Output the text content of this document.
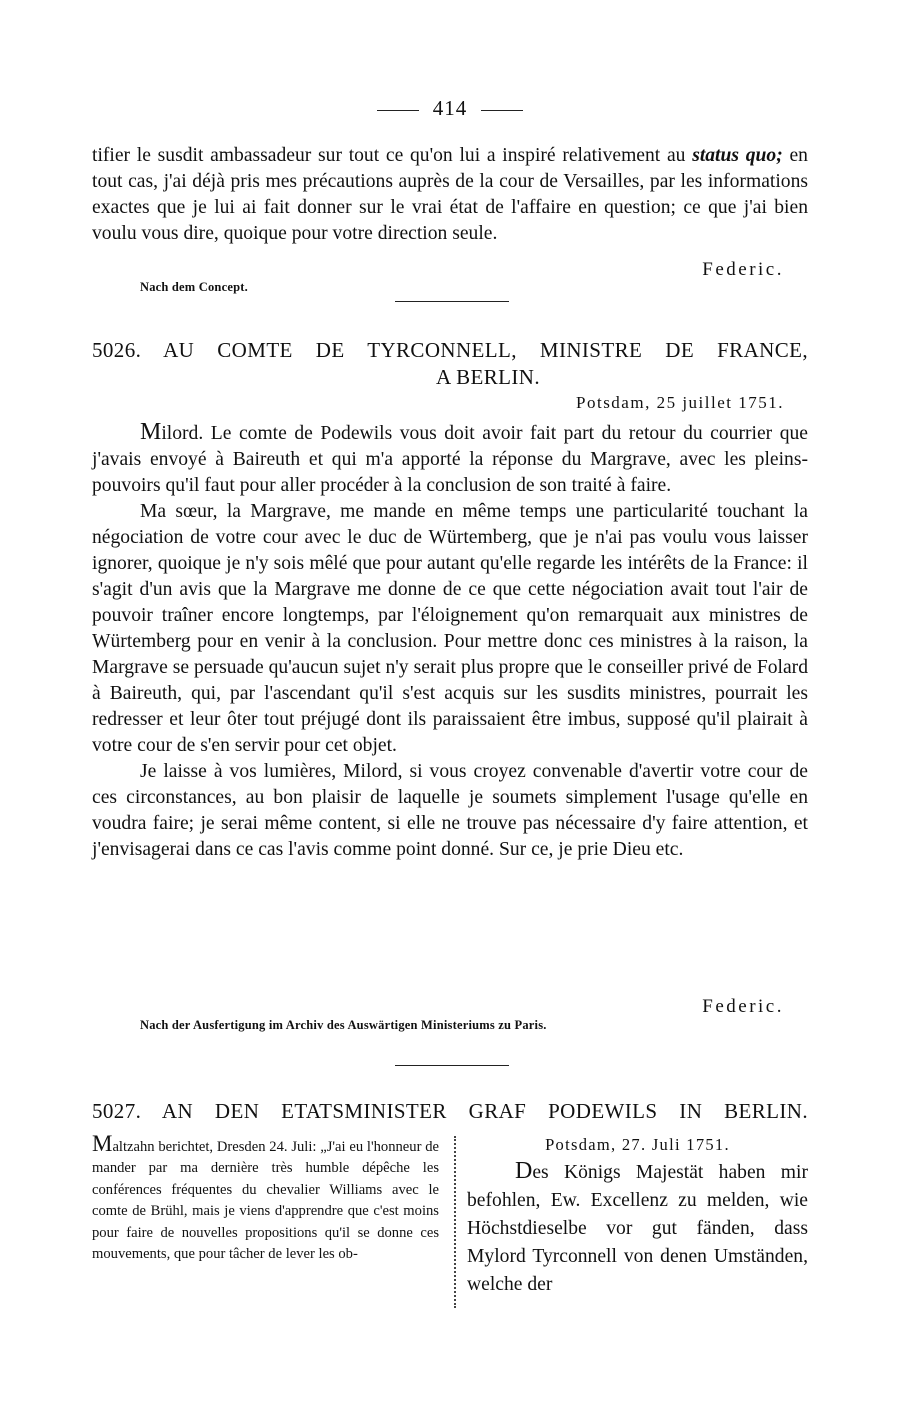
414

tifier le susdit ambassadeur sur tout ce qu'on lui a inspiré relativement au status quo; en tout cas, j'ai déjà pris mes précautions auprès de la cour de Versailles, par les informations exactes que je lui ai fait donner sur le vrai état de l'affaire en question; ce que j'ai bien voulu vous dire, quoique pour votre direction seule.

Federic.
Nach dem Concept.
5026. AU COMTE DE TYRCONNELL, MINISTRE DE FRANCE,
A BERLIN.
Potsdam, 25 juillet 1751.

Milord. Le comte de Podewils vous doit avoir fait part du retour du courrier que j'avais envoyé à Baireuth et qui m'a apporté la réponse du Margrave, avec les pleins-pouvoirs qu'il faut pour aller procéder à la conclusion de son traité à faire.

Ma sœur, la Margrave, me mande en même temps une particularité touchant la négociation de votre cour avec le duc de Würtemberg, que je n'ai pas voulu vous laisser ignorer, quoique je n'y sois mêlé que pour autant qu'elle regarde les intérêts de la France: il s'agit d'un avis que la Margrave me donne de ce que cette négociation avait tout l'air de pouvoir traîner encore longtemps, par l'éloignement qu'on remarquait aux ministres de Würtemberg pour en venir à la conclusion. Pour mettre donc ces ministres à la raison, la Margrave se persuade qu'aucun sujet n'y serait plus propre que le conseiller privé de Folard à Baireuth, qui, par l'ascendant qu'il s'est acquis sur les susdits ministres, pourrait les redresser et leur ôter tout préjugé dont ils paraissaient être imbus, supposé qu'il plairait à votre cour de s'en servir pour cet objet.

Je laisse à vos lumières, Milord, si vous croyez convenable d'avertir votre cour de ces circonstances, au bon plaisir de laquelle je soumets simplement l'usage qu'elle en voudra faire; je serai même content, si elle ne trouve pas nécessaire d'y faire attention, et j'envisagerai dans ce cas l'avis comme point donné. Sur ce, je prie Dieu etc.

Federic.
Nach der Ausfertigung im Archiv des Auswärtigen Ministeriums zu Paris.
5027. AN DEN ETATSMINISTER GRAF PODEWILS IN BERLIN.
Maltzahn berichtet, Dresden 24. Juli: „J'ai eu l'honneur de mander par ma dernière très humble dépêche les conférences fréquentes du chevalier Williams avec le comte de Brühl, mais je viens d'apprendre que c'est moins pour faire de nouvelles propositions qu'il se donne ces mouvements, que pour tâcher de lever les ob-
Potsdam, 27. Juli 1751.

Des Königs Majestät haben mir befohlen, Ew. Excellenz zu melden, wie Höchstdieselbe vor gut fänden, dass Mylord Tyrconnell von denen Umständen, welche der
